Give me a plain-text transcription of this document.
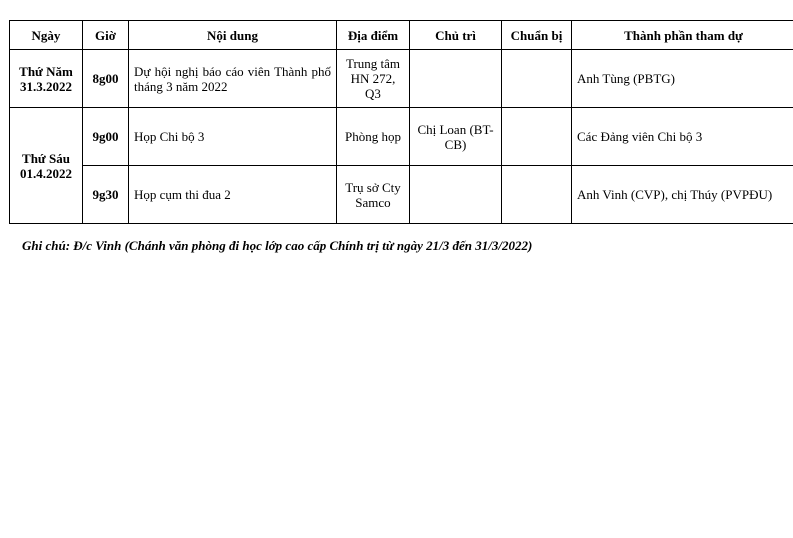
Ngày	Giờ	Nội dung	Địa điểm	Chủ trì	Chuẩn bị	Thành phần tham dự

Thứ Năm
31.3.2022	8g00	Dự hội nghị báo cáo viên Thành phố tháng 3 năm 2022	Trung tâm HN 272, Q3			Anh Tùng (PBTG)

Thứ Sáu
01.4.2022	9g00	Họp Chi bộ 3	Phòng họp	Chị Loan (BT-CB)		Các Đảng viên Chi bộ 3
	9g30	Họp cụm thi đua 2	Trụ sở Cty Samco			Anh Vinh (CVP), chị Thúy (PVPĐU)
Ghi chú: Đ/c Vinh (Chánh văn phòng đi học lớp cao cấp Chính trị từ ngày 21/3 đến 31/3/2022)
